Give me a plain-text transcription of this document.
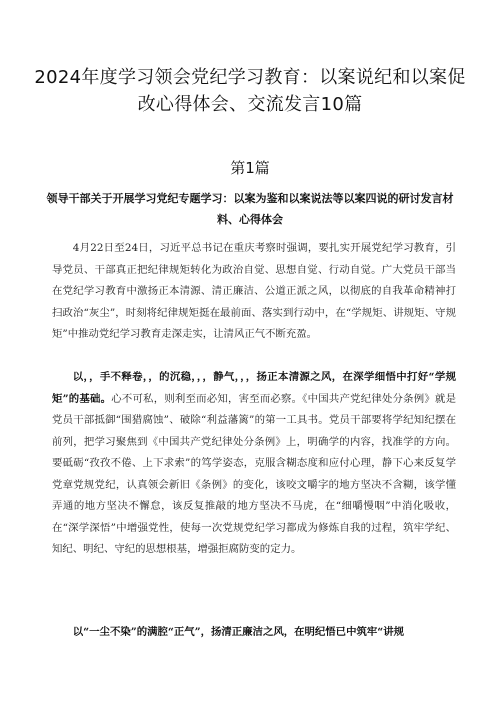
2024年度学习领会党纪学习教育：以案说纪和以案促改心得体会、交流发言10篇
第1篇
领导干部关于开展学习党纪专题学习：以案为鉴和以案说法等以案四说的研讨发言材料、心得体会

4月22日至24日，习近平总书记在重庆考察时强调，要扎实开展党纪学习教育，引导党员、干部真正把纪律规矩转化为政治自觉、思想自觉、行动自觉。广大党员干部当在党纪学习教育中激扬正本清源、清正廉洁、公道正派之风，以彻底的自我革命精神打扫政治“灰尘”，时刻将纪律规矩挺在最前面、落实到行动中，在“学规矩、讲规矩、守规矩”中推动党纪学习教育走深走实，让清风正气不断充盈。

以，，手不释卷，，的沉稳，，，静气，，，扬正本清源之风，在深学细悟中打好“学规矩”的基础。心不可私，则利至而必知，害至而必察。《中国共产党纪律处分条例》就是党员干部抵御“围猎腐蚀”、破除“利益藩篱”的第一工具书。党员干部要将学纪知纪摆在前列，把学习聚焦到《中国共产党纪律处分条例》上，明确学的内容，找准学的方向。要砥砺“孜孜不倦、上下求索”的笃学姿态，克服含糊态度和应付心理，静下心来反复学党章党规党纪，认真领会新旧《条例》的变化，该咬文嚼字的地方坚决不含糊，该学懂弄通的地方坚决不懈怠，该反复推敲的地方坚决不马虎，在“细嚼慢咽”中消化吸收，在“深学深悟”中增强党性，使每一次党规党纪学习都成为修炼自我的过程，筑牢学纪、知纪、明纪、守纪的思想根基，增强拒腐防变的定力。

以“一尘不染”的满腔“正气”，扬清正廉洁之风，在明纪悟已中筑牢“讲规
